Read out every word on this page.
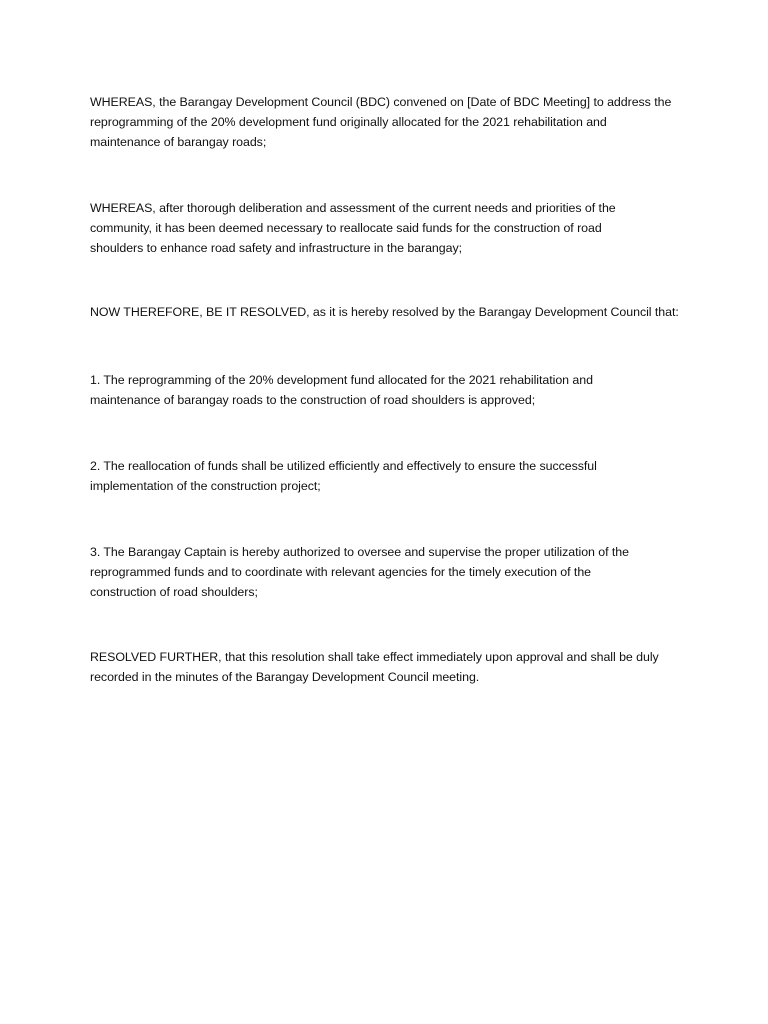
WHEREAS, the Barangay Development Council (BDC) convened on [Date of BDC Meeting] to address the
reprogramming of the 20% development fund originally allocated for the 2021 rehabilitation and
maintenance of barangay roads;

WHEREAS, after thorough deliberation and assessment of the current needs and priorities of the
community, it has been deemed necessary to reallocate said funds for the construction of road
shoulders to enhance road safety and infrastructure in the barangay;

NOW THEREFORE, BE IT RESOLVED, as it is hereby resolved by the Barangay Development Council that:

1. The reprogramming of the 20% development fund allocated for the 2021 rehabilitation and
maintenance of barangay roads to the construction of road shoulders is approved;

2. The reallocation of funds shall be utilized efficiently and effectively to ensure the successful
implementation of the construction project;

3. The Barangay Captain is hereby authorized to oversee and supervise the proper utilization of the
reprogrammed funds and to coordinate with relevant agencies for the timely execution of the
construction of road shoulders;

RESOLVED FURTHER, that this resolution shall take effect immediately upon approval and shall be duly
recorded in the minutes of the Barangay Development Council meeting.
